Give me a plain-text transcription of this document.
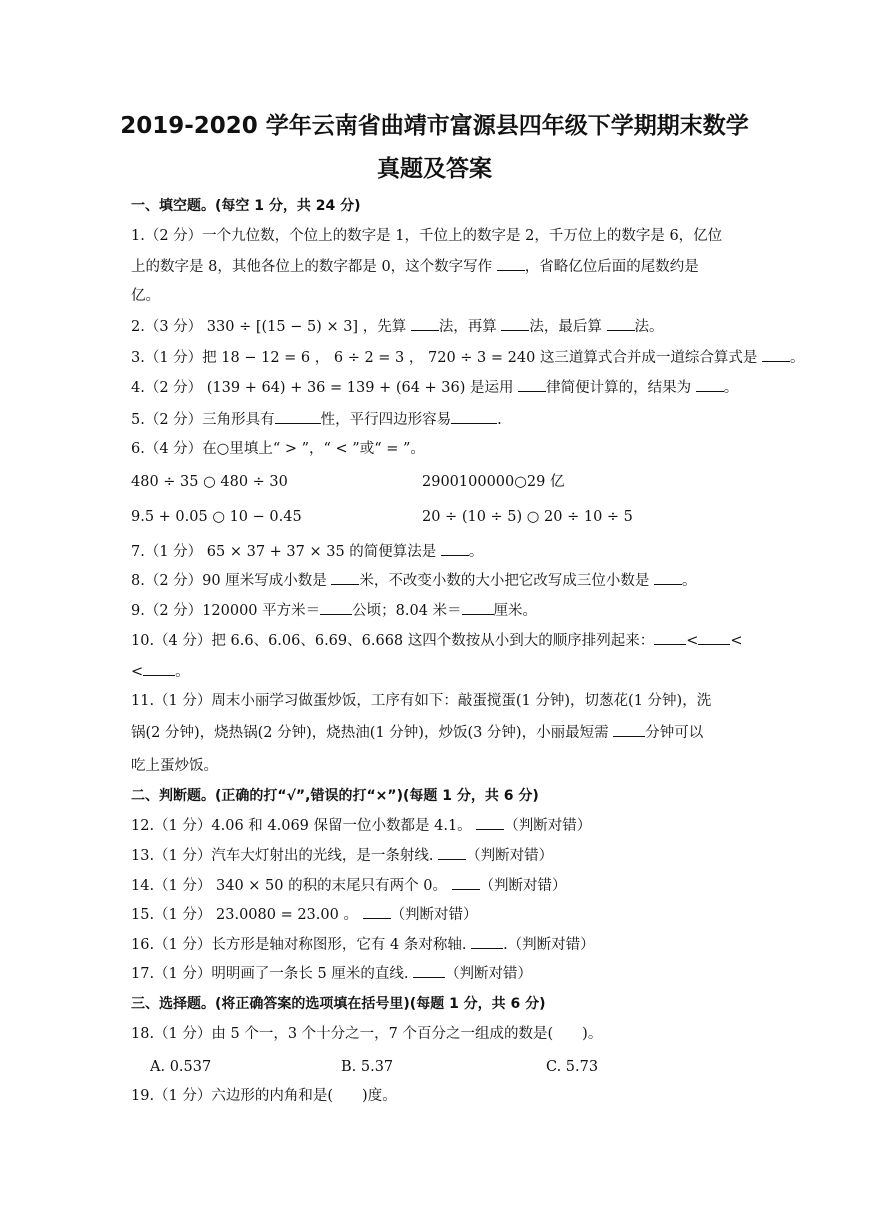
2019-2020 学年云南省曲靖市富源县四年级下学期期末数学
真题及答案
一、填空题。(每空 1 分，共 24 分)
1.（2 分）一个九位数，个位上的数字是 1，千位上的数字是 2，千万位上的数字是 6，亿位
上的数字是 8，其他各位上的数字都是 0，这个数字写作 ，省略亿位后面的尾数约是
亿。
2.（3 分） 330 ÷ [(15 − 5) × 3] ，先算 法，再算 法，最后算 法。
3.（1 分）把 18 − 12 = 6 ， 6 ÷ 2 = 3 ， 720 ÷ 3 = 240 这三道算式合并成一道综合算式是 。
4.（2 分） (139 + 64) + 36 = 139 + (64 + 36) 是运用 律简便计算的，结果为 。
5.（2 分）三角形具有	性，平行四边形容易	.
6.（4 分）在○里填上“ > ”，“ < ”或“ = ”。
480 ÷ 35 ○ 480 ÷ 30	2900100000○29 亿
9.5 + 0.05 ○ 10 − 0.45	20 ÷ (10 ÷ 5) ○ 20 ÷ 10 ÷ 5
7.（1 分） 65 × 37 + 37 × 35 的简便算法是 。
8.（2 分）90 厘米写成小数是 米，不改变小数的大小把它改写成三位小数是 。
9.（2 分）120000 平方米＝ 公顷；8.04 米＝ 厘米。
10.（4 分）把 6.6、6.06、6.69、6.668 这四个数按从小到大的顺序排列起来： < <
< 。
11.（1 分）周末小丽学习做蛋炒饭，工序有如下：敲蛋搅蛋(1 分钟)，切葱花(1 分钟)，洗
锅(2 分钟)，烧热锅(2 分钟)，烧热油(1 分钟)，炒饭(3 分钟)，小丽最短需	分钟可以
吃上蛋炒饭。
二、判断题。(正确的打“√”,错误的打“×”)(每题 1 分，共 6 分)
12.（1 分）4.06 和 4.069 保留一位小数都是 4.1。 （判断对错）
13.（1 分）汽车大灯射出的光线，是一条射线. （判断对错）
14.（1 分） 340 × 50 的积的末尾只有两个 0。 （判断对错）
15.（1 分） 23.0080 = 23.00 。 （判断对错）
16.（1 分）长方形是轴对称图形，它有 4 条对称轴.	.（判断对错）
17.（1 分）明明画了一条长 5 厘米的直线.	（判断对错）
三、选择题。(将正确答案的选项填在括号里)(每题 1 分，共 6 分)
18.（1 分）由 5 个一，3 个十分之一，7 个百分之一组成的数是(　　)。
A. 0.537	B. 5.37	C. 5.73
19.（1 分）六边形的内角和是(　　)度。
